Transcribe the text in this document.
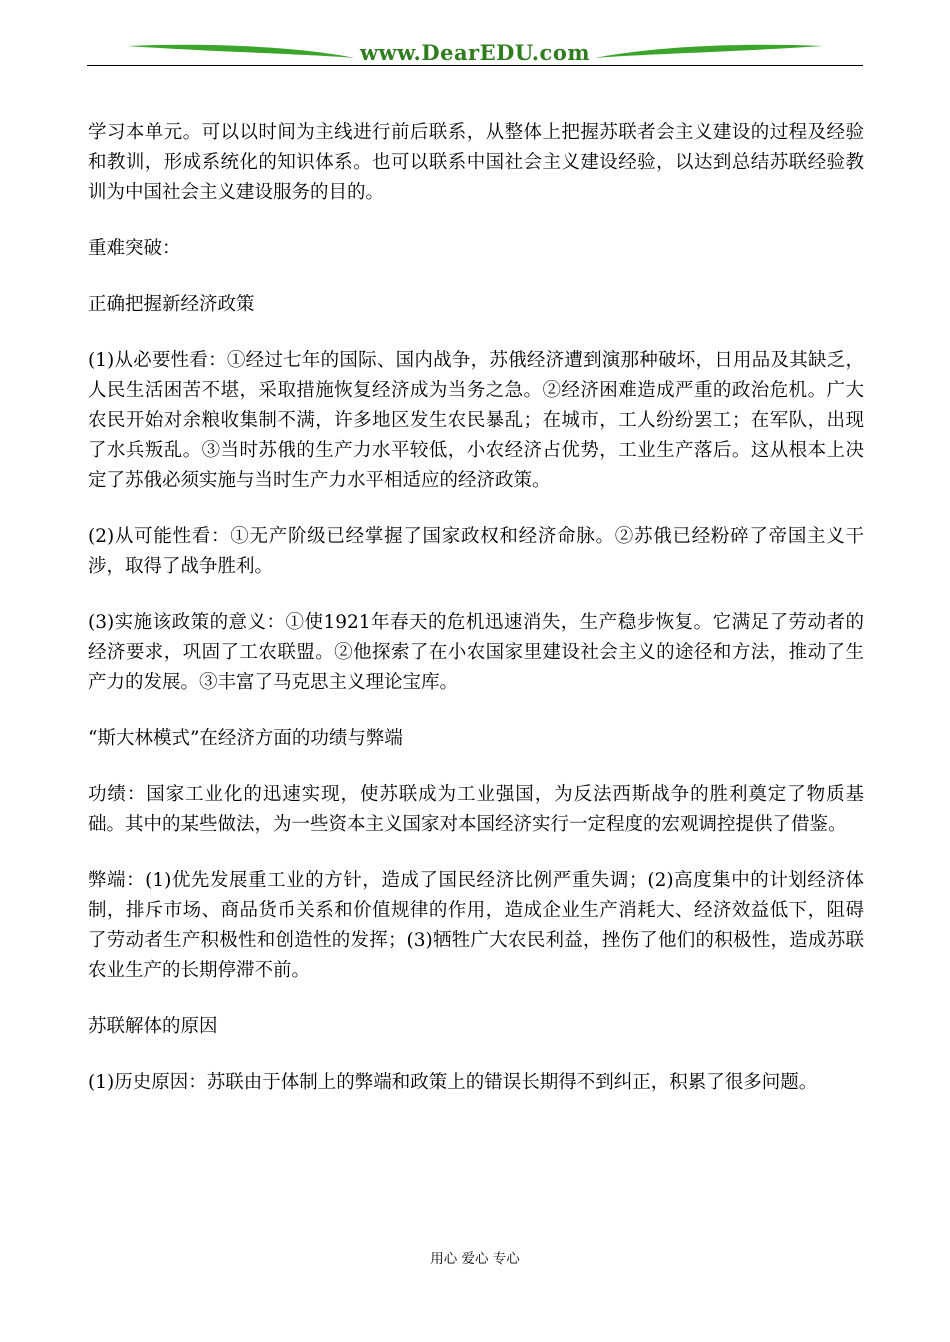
www.DearEDU.com

学习本单元。可以以时间为主线进行前后联系，从整体上把握苏联者会主义建设的过程及经验和教训，形成系统化的知识体系。也可以联系中国社会主义建设经验，以达到总结苏联经验教训为中国社会主义建设服务的目的。

重难突破：

正确把握新经济政策

(1)从必要性看：①经过七年的国际、国内战争，苏俄经济遭到演那种破坏，日用品及其缺乏，人民生活困苦不堪，采取措施恢复经济成为当务之急。②经济困难造成严重的政治危机。广大农民开始对余粮收集制不满，许多地区发生农民暴乱；在城市，工人纷纷罢工；在军队，出现了水兵叛乱。③当时苏俄的生产力水平较低，小农经济占优势，工业生产落后。这从根本上决定了苏俄必须实施与当时生产力水平相适应的经济政策。

(2)从可能性看：①无产阶级已经掌握了国家政权和经济命脉。②苏俄已经粉碎了帝国主义干涉，取得了战争胜利。

(3)实施该政策的意义：①使1921年春天的危机迅速消失，生产稳步恢复。它满足了劳动者的经济要求，巩固了工农联盟。②他探索了在小农国家里建设社会主义的途径和方法，推动了生产力的发展。③丰富了马克思主义理论宝库。

“斯大林模式”在经济方面的功绩与弊端

功绩：国家工业化的迅速实现，使苏联成为工业强国，为反法西斯战争的胜利奠定了物质基础。其中的某些做法，为一些资本主义国家对本国经济实行一定程度的宏观调控提供了借鉴。

弊端：(1)优先发展重工业的方针，造成了国民经济比例严重失调；(2)高度集中的计划经济体制，排斥市场、商品货币关系和价值规律的作用，造成企业生产消耗大、经济效益低下，阻碍了劳动者生产积极性和创造性的发挥；(3)牺牲广大农民利益，挫伤了他们的积极性，造成苏联农业生产的长期停滞不前。

苏联解体的原因

(1)历史原因：苏联由于体制上的弊端和政策上的错误长期得不到纠正，积累了很多问题。

用心 爱心 专心
